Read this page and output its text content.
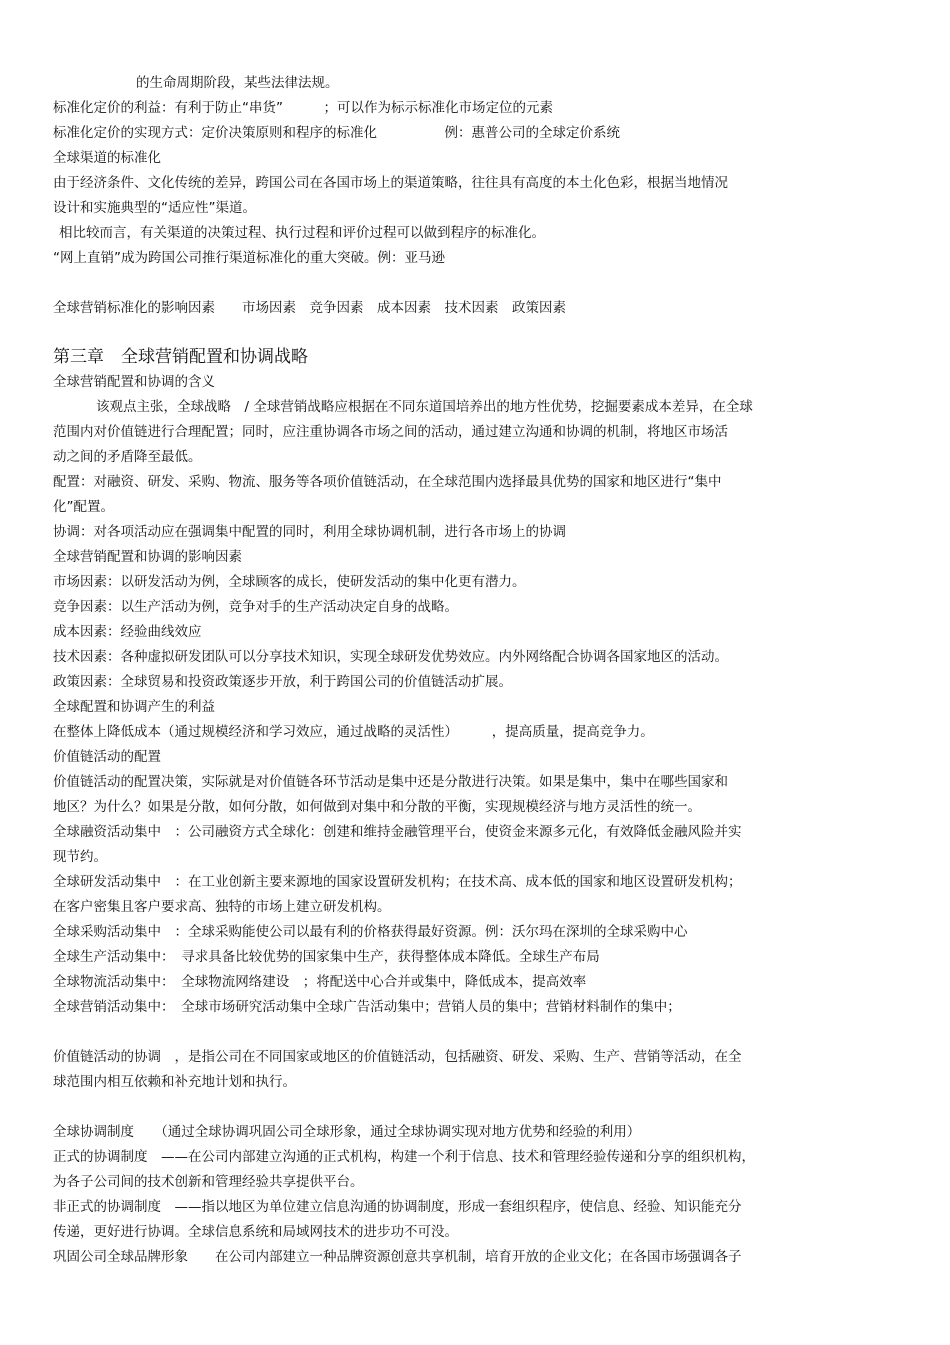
的生命周期阶段，某些法律法规。
标准化定价的利益：有利于防止“串货”　　　；可以作为标示标准化市场定位的元素
标准化定价的实现方式：定价决策原则和程序的标准化　　　　　例：惠普公司的全球定价系统
全球渠道的标准化
由于经济条件、文化传统的差异，跨国公司在各国市场上的渠道策略，往往具有高度的本土化色彩，根据当地情况
设计和实施典型的“适应性”渠道。
相比较而言，有关渠道的决策过程、执行过程和评价过程可以做到程序的标准化。
“网上直销”成为跨国公司推行渠道标准化的重大突破。例：亚马逊
全球营销标准化的影响因素　　市场因素　竞争因素　成本因素　技术因素　政策因素
第三章　全球营销配置和协调战略
全球营销配置和协调的含义
该观点主张，全球战略　/ 全球营销战略应根据在不同东道国培养出的地方性优势，挖掘要素成本差异，在全球
范围内对价值链进行合理配置；同时，应注重协调各市场之间的活动，通过建立沟通和协调的机制，将地区市场活
动之间的矛盾降至最低。
配置：对融资、研发、采购、物流、服务等各项价值链活动，在全球范围内选择最具优势的国家和地区进行“集中
化”配置。
协调：对各项活动应在强调集中配置的同时，利用全球协调机制，进行各市场上的协调
全球营销配置和协调的影响因素
市场因素：以研发活动为例，全球顾客的成长，使研发活动的集中化更有潜力。
竞争因素：以生产活动为例，竞争对手的生产活动决定自身的战略。
成本因素：经验曲线效应
技术因素：各种虚拟研发团队可以分享技术知识，实现全球研发优势效应。内外网络配合协调各国家地区的活动。
政策因素：全球贸易和投资政策逐步开放，利于跨国公司的价值链活动扩展。
全球配置和协调产生的利益
在整体上降低成本（通过规模经济和学习效应，通过战略的灵活性）　　　，提高质量，提高竞争力。
价值链活动的配置
价值链活动的配置决策，实际就是对价值链各环节活动是集中还是分散进行决策。如果是集中，集中在哪些国家和
地区？为什么？如果是分散，如何分散，如何做到对集中和分散的平衡，实现规模经济与地方灵活性的统一。
全球融资活动集中　：公司融资方式全球化：创建和维持金融管理平台，使资金来源多元化，有效降低金融风险并实
现节约。
全球研发活动集中　：在工业创新主要来源地的国家设置研发机构；在技术高、成本低的国家和地区设置研发机构；
在客户密集且客户要求高、独特的市场上建立研发机构。
全球采购活动集中　：全球采购能使公司以最有利的价格获得最好资源。例：沃尔玛在深圳的全球采购中心
全球生产活动集中：　寻求具备比较优势的国家集中生产，获得整体成本降低。全球生产布局
全球物流活动集中：　全球物流网络建设　；将配送中心合并或集中，降低成本，提高效率
全球营销活动集中：　全球市场研究活动集中全球广告活动集中；营销人员的集中；营销材料制作的集中；
价值链活动的协调　，是指公司在不同国家或地区的价值链活动，包括融资、研发、采购、生产、营销等活动，在全
球范围内相互依赖和补充地计划和执行。
全球协调制度　　（通过全球协调巩固公司全球形象，通过全球协调实现对地方优势和经验的利用）
正式的协调制度　——在公司内部建立沟通的正式机构，构建一个利于信息、技术和管理经验传递和分享的组织机构，
为各子公司间的技术创新和管理经验共享提供平台。
非正式的协调制度　——指以地区为单位建立信息沟通的协调制度，形成一套组织程序，使信息、经验、知识能充分
传递，更好进行协调。全球信息系统和局域网技术的进步功不可没。
巩固公司全球品牌形象　　在公司内部建立一种品牌资源创意共享机制，培育开放的企业文化；在各国市场强调各子
